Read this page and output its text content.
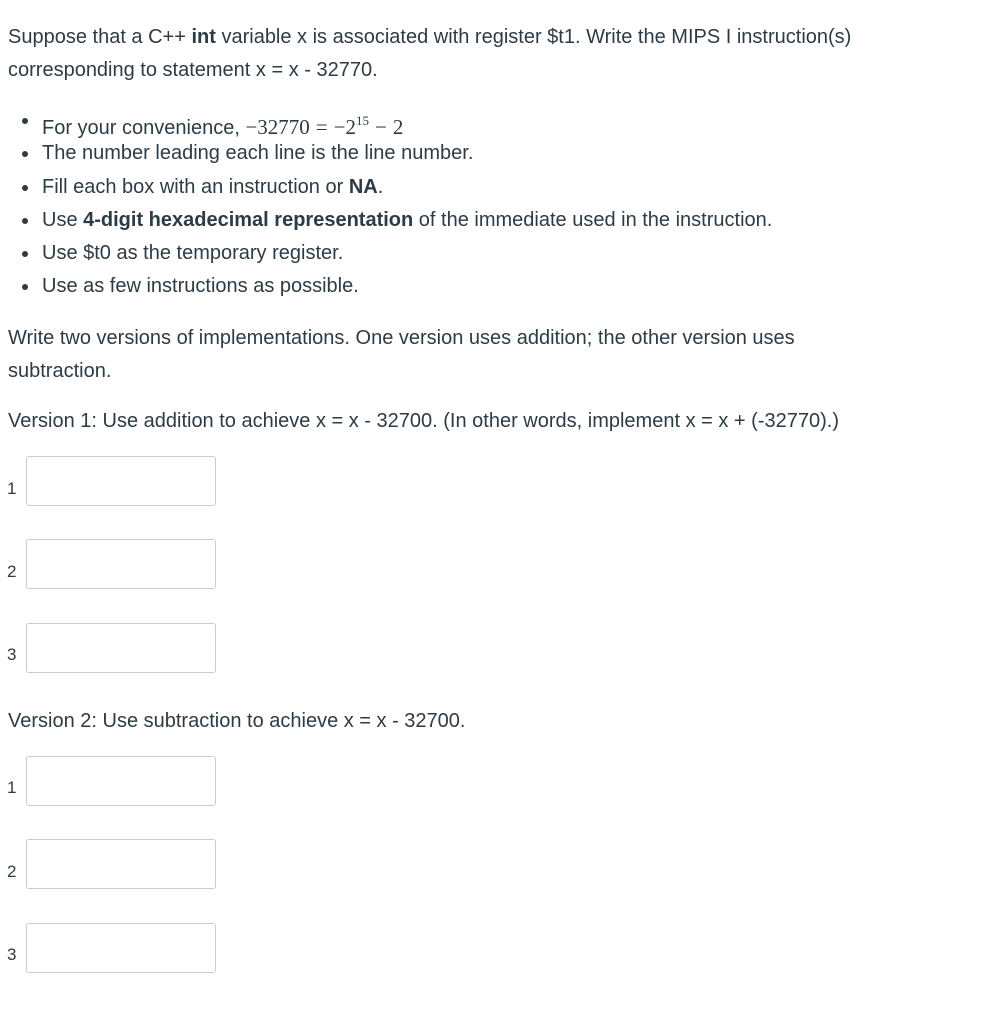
Suppose that a C++ int variable x is associated with register $t1. Write the MIPS I instruction(s)
corresponding to statement x = x - 32770.
For your convenience, $-32770 = -2^{15} - 2$
The number leading each line is the line number.
Fill each box with an instruction or NA.
Use 4-digit hexadecimal representation of the immediate used in the instruction.
Use $t0 as the temporary register.
Use as few instructions as possible.
Write two versions of implementations. One version uses addition; the other version uses
subtraction.
Version 1: Use addition to achieve x = x - 32700. (In other words, implement x = x + (-32770).)
1
2
3
Version 2: Use subtraction to achieve x = x - 32700.
1
2
3
